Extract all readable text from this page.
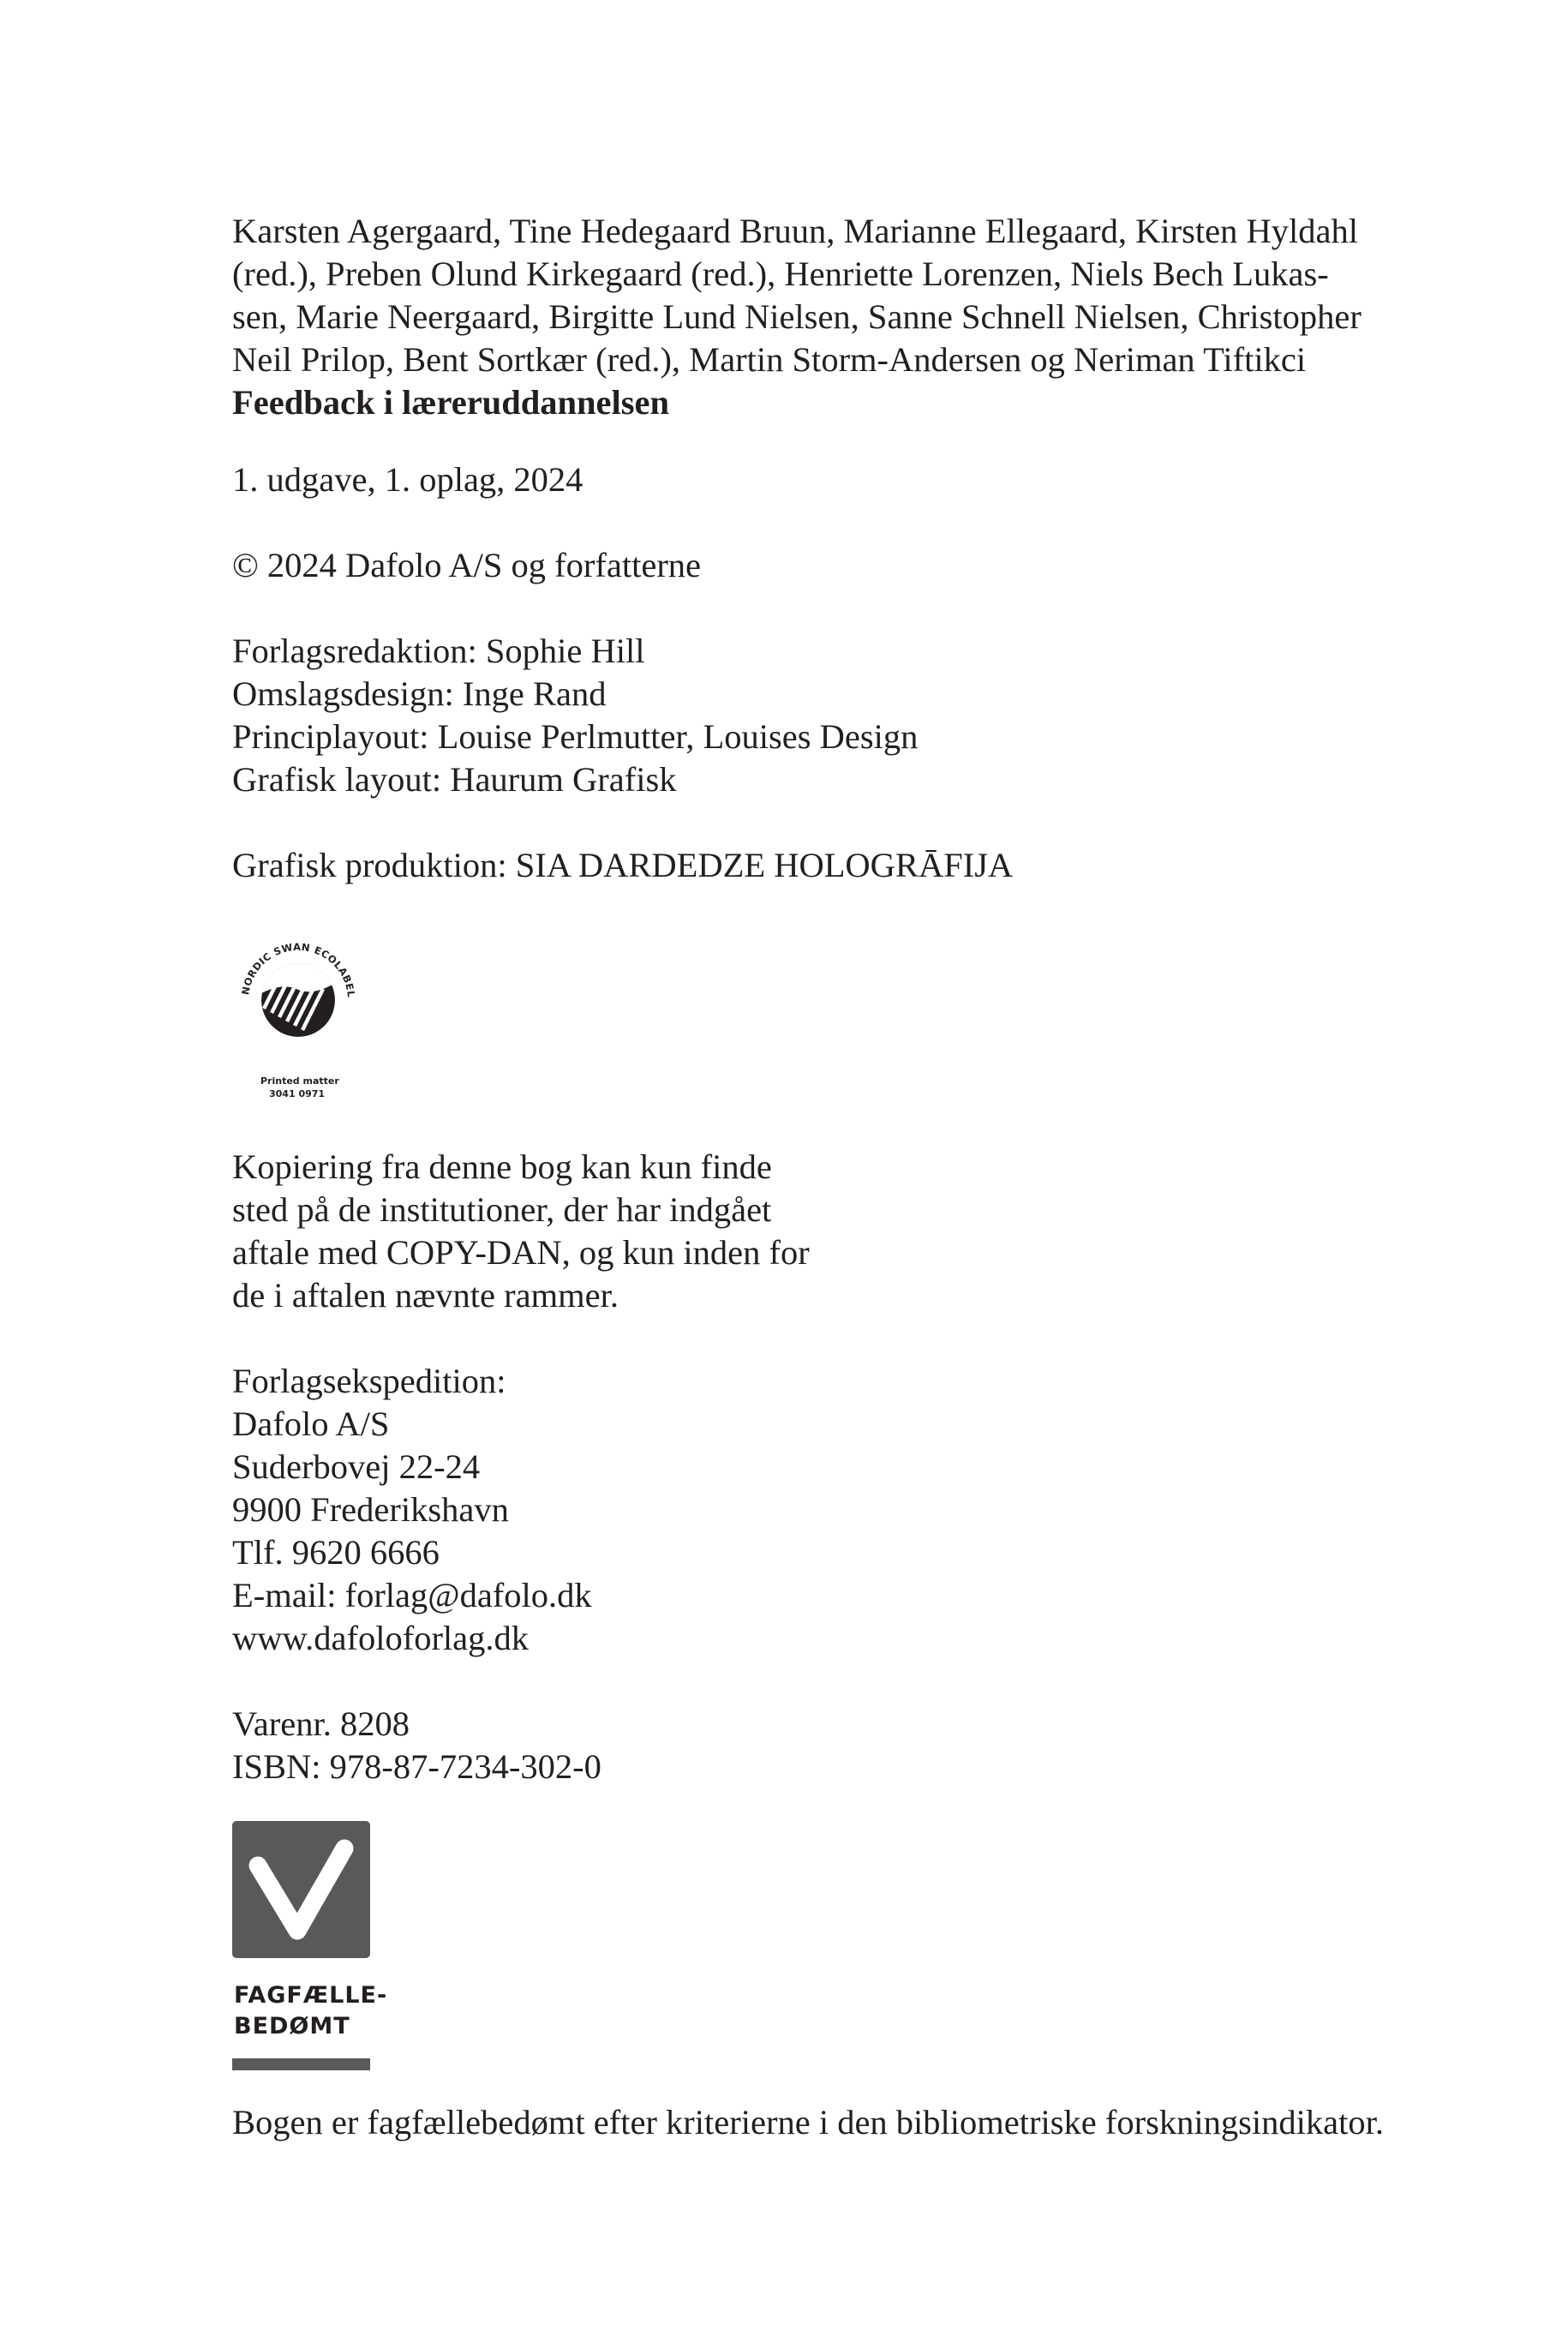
Karsten Agergaard, Tine Hedegaard Bruun, Marianne Ellegaard, Kirsten Hyldahl
(red.), Preben Olund Kirkegaard (red.), Henriette Lorenzen, Niels Bech Lukas-
sen, Marie Neergaard, Birgitte Lund Nielsen, Sanne Schnell Nielsen, Christopher
Neil Prilop, Bent Sortkær (red.), Martin Storm-Andersen og Neriman Tiftikci
Feedback i læreruddannelsen

1. udgave, 1. oplag, 2024

© 2024 Dafolo A/S og forfatterne

Forlagsredaktion: Sophie Hill
Omslagsdesign: Inge Rand
Principlayout: Louise Perlmutter, Louises Design
Grafisk layout: Haurum Grafisk

Grafisk produktion: SIA DARDEDZE HOLOGRĀFIJA

NORDIC SWAN ECOLABEL
Printed matter
3041 0971
Kopiering fra denne bog kan kun finde
sted på de institutioner, der har indgået
aftale med COPY-DAN, og kun inden for
de i aftalen nævnte rammer.
Forlagsekspedition:
Dafolo A/S
Suderbovej 22-24
9900 Frederikshavn
Tlf. 9620 6666
E-mail: forlag@dafolo.dk
www.dafoloforlag.dk
Varenr. 8208
ISBN: 978-87-7234-302-0
FAGFÆLLE-
BEDØMT

Bogen er fagfællebedømt efter kriterierne i den bibliometriske forskningsindikator.
